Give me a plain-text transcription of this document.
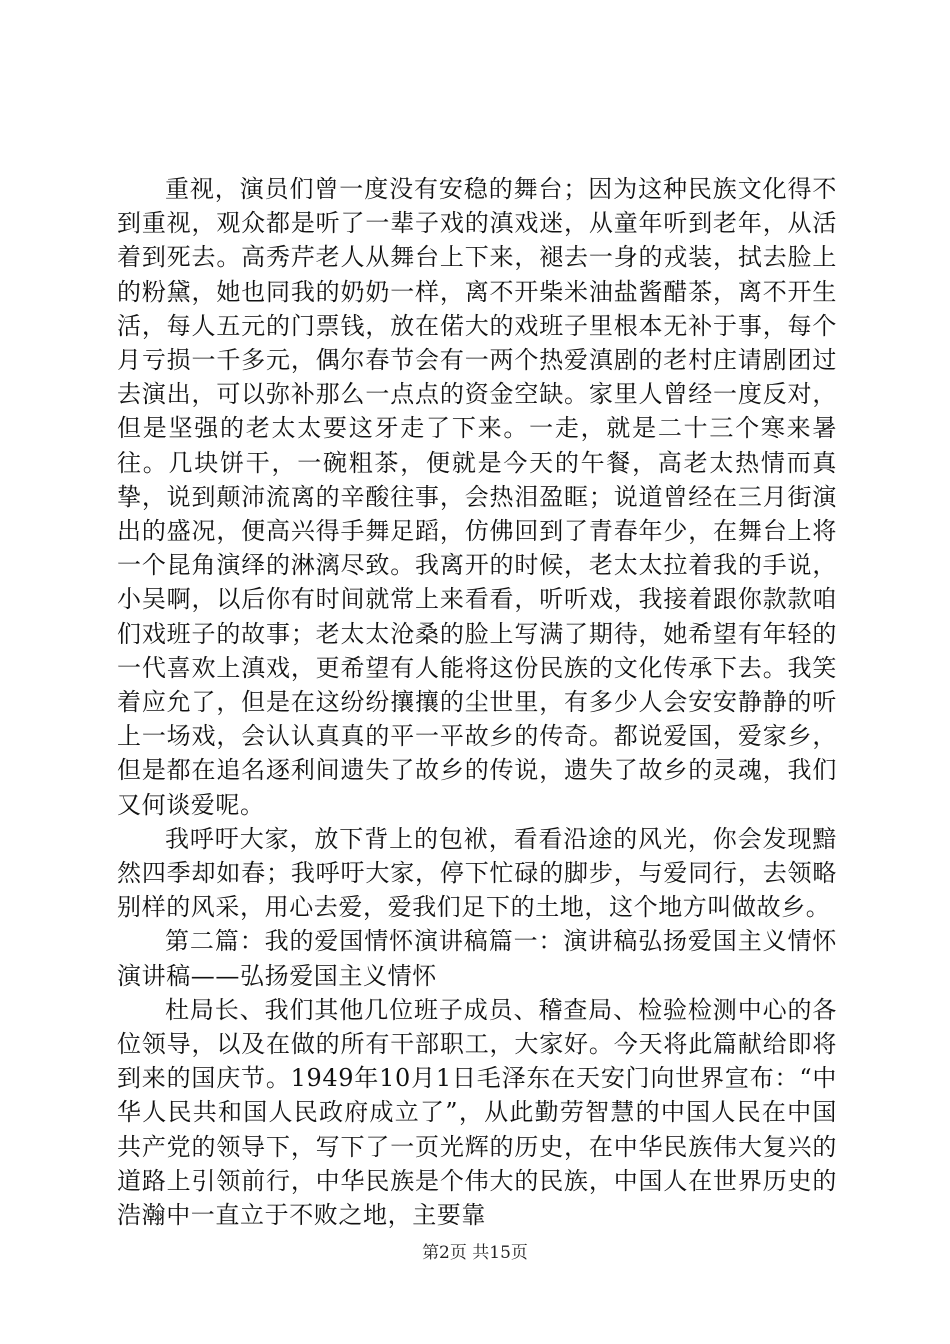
重视，演员们曾一度没有安稳的舞台；因为这种民族文化得不到重视，观众都是听了一辈子戏的滇戏迷，从童年听到老年，从活着到死去。高秀芹老人从舞台上下来，褪去一身的戎装，拭去脸上的粉黛，她也同我的奶奶一样，离不开柴米油盐酱醋茶，离不开生活，每人五元的门票钱，放在偌大的戏班子里根本无补于事，每个月亏损一千多元，偶尔春节会有一两个热爱滇剧的老村庄请剧团过去演出，可以弥补那么一点点的资金空缺。家里人曾经一度反对，但是坚强的老太太要这牙走了下来。一走，就是二十三个寒来暑往。几块饼干，一碗粗茶，便就是今天的午餐，高老太热情而真挚，说到颠沛流离的辛酸往事，会热泪盈眶；说道曾经在三月街演出的盛况，便高兴得手舞足蹈，仿佛回到了青春年少，在舞台上将一个昆角演绎的淋漓尽致。我离开的时候，老太太拉着我的手说，小吴啊，以后你有时间就常上来看看，听听戏，我接着跟你款款咱们戏班子的故事；老太太沧桑的脸上写满了期待，她希望有年轻的一代喜欢上滇戏，更希望有人能将这份民族的文化传承下去。我笑着应允了，但是在这纷纷攘攘的尘世里，有多少人会安安静静的听上一场戏，会认认真真的平一平故乡的传奇。都说爱国，爱家乡，但是都在追名逐利间遗失了故乡的传说，遗失了故乡的灵魂，我们又何谈爱呢。

我呼吁大家，放下背上的包袱，看看沿途的风光，你会发现黯然四季却如春；我呼吁大家，停下忙碌的脚步，与爱同行，去领略别样的风采，用心去爱，爱我们足下的土地，这个地方叫做故乡。

第二篇：我的爱国情怀演讲稿篇一：演讲稿弘扬爱国主义情怀演讲稿——弘扬爱国主义情怀

杜局长、我们其他几位班子成员、稽查局、检验检测中心的各位领导，以及在做的所有干部职工，大家好。今天将此篇献给即将到来的国庆节。1949年10月1日毛泽东在天安门向世界宣布：“中华人民共和国人民政府成立了”，从此勤劳智慧的中国人民在中国共产党的领导下，写下了一页光辉的历史，在中华民族伟大复兴的道路上引领前行，中华民族是个伟大的民族，中国人在世界历史的浩瀚中一直立于不败之地，主要靠

第2页 共15页
